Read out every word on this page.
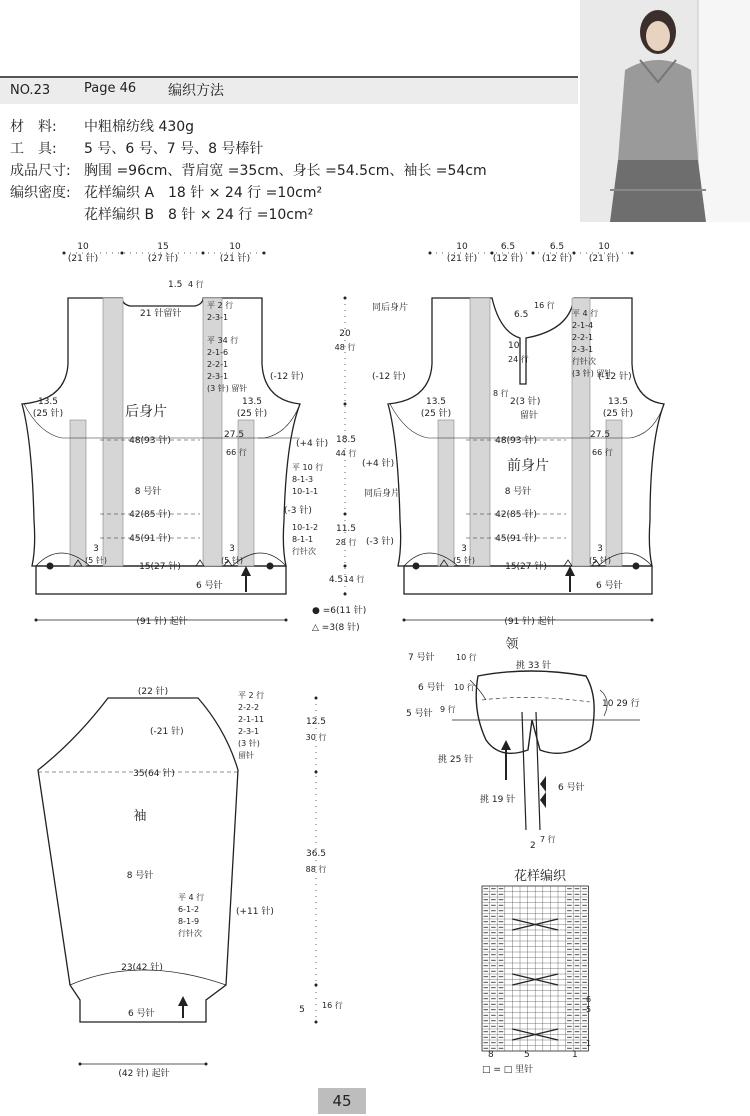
NO.23	Page 46 编织方法
材　料: 中粗棉纺线 430g
工　具: 5 号、6 号、7 号、8 号棒针
成品尺寸: 胸围 =96cm、背肩宽 =35cm、身长 =54.5cm、袖长 =54cm
编织密度: 花样编织 A　18 针 × 24 行 =10cm²
花样编织 B　8 针 × 24 行 =10cm²
10
(21 针)
15
(27 针)
10
(21 针)
1.5 4 行
21 针留针
平 2 行
2-3-1
平 34 行
2-1-6
2-2-1
2-3-1
(3 针) 留针
(-12 针)
13.5
(25 针)
13.5
(25 针)
后身片
48(93 针)
27.5
66 行
(+4 针)
平 10 行
8-1-3
10-1-1
8 号针
(-3 针)
42(85 针)
10-1-2
8-1-1
行针次
45(91 针)
3
(5 针)
3
(5 针)
15(27 针)
6 号针
(91 针) 起针
20
48 行
18.5
44 行
11.5
28 行
4.5 14 行
● =6(11 针)
△ =3(8 针)
10
(21 针)
6.5
(12 针)
6.5
(12 针)
10
(21 针)
同后身片
6.5
16 行
10
24 行
2(3 针)
留针
8 行
平 4 行
2-1-4
2-2-1
2-3-1
行针次
(3 针) 留针
(-12 针)	(-12 针)
13.5
(25 针)
13.5
(25 针)
48(93 针)
27.5
66 行
(+4 针)	前身片
同后身片	8 号针
42(85 针)
(-3 针)	45(91 针)
3
(5 针)
3
(5 针)
15(27 针)
6 号针
(91 针) 起针
领
7 号针	10 行
6 号针 10 行
5 号针 9 行
挑 33 针
10 29 行
挑 25 针
挑 19 针
6 号针
2
7 行
(22 针)	平 2 行
2-2-2
2-1-11
2-3-1
(3 针)
留针
(-21 针)
35(64 针)
袖
8 号针
平 4 行
6-1-2
8-1-9
行针次
(+11 针)
23(42 针)
6 号针
(42 针) 起针
12.5
30 行
36.5
88 行
5 16 行
花样编织
8	5	1
6
5
1
□ = □ 里针
45
